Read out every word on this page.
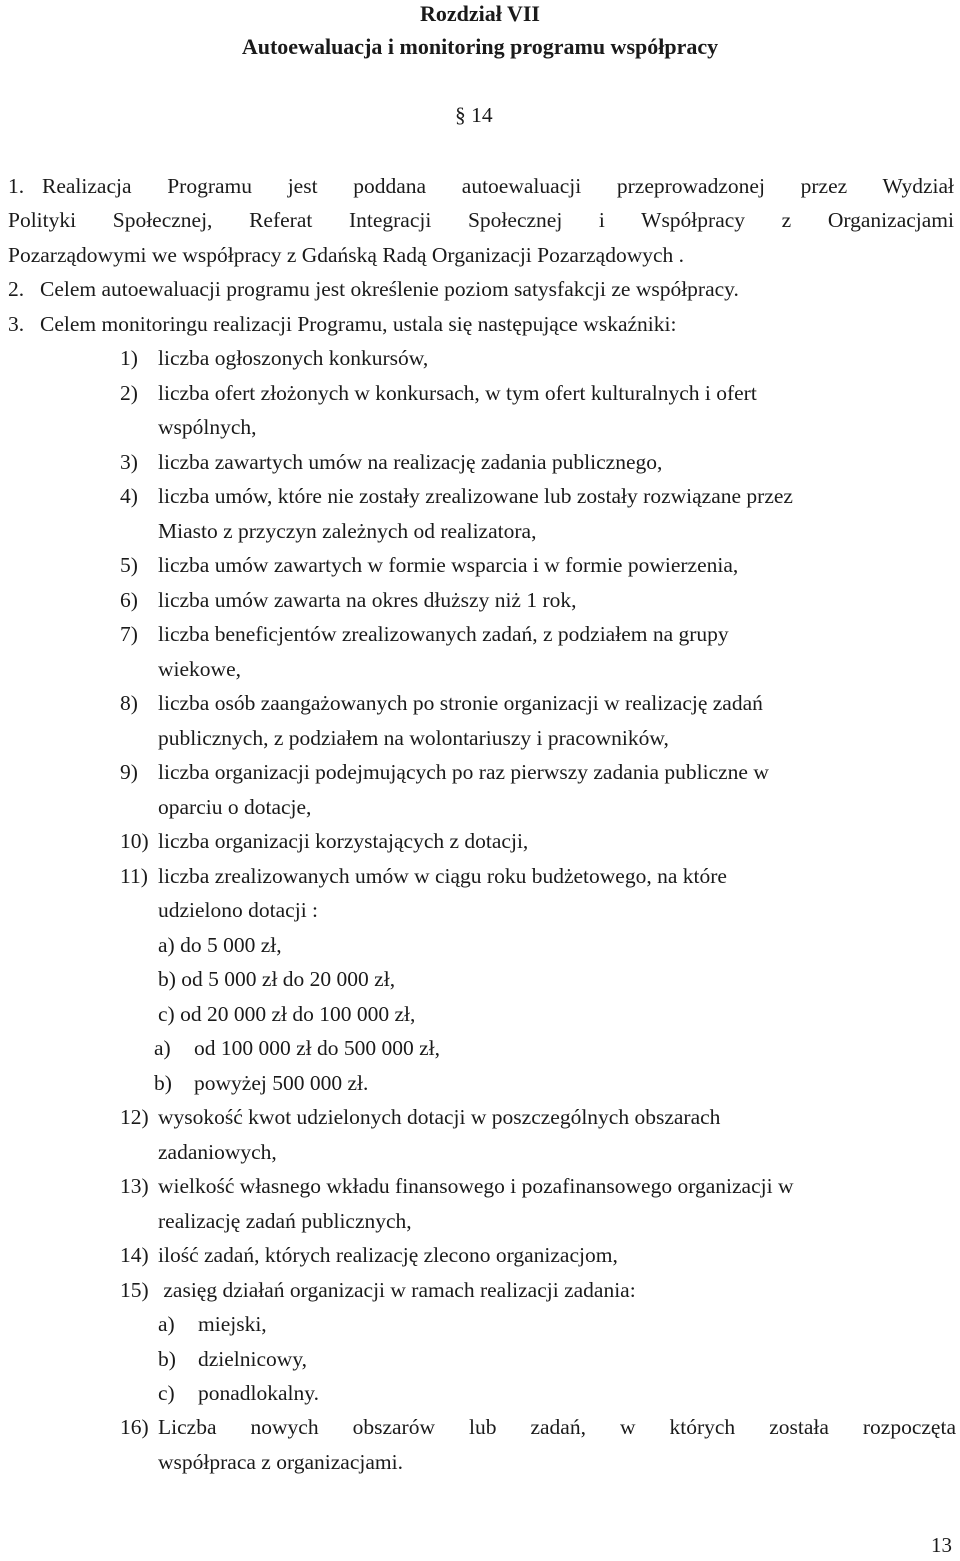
Rozdział VII
Autoewaluacja i monitoring programu współpracy
§ 14
1. Realizacja Programu jest poddana autoewaluacji przeprowadzonej przez Wydział
Polityki Społecznej, Referat Integracji Społecznej i Współpracy z Organizacjami
Pozarządowymi we współpracy z Gdańską Radą Organizacji Pozarządowych .
2. Celem autoewaluacji programu jest określenie poziom satysfakcji ze współpracy.
3. Celem monitoringu realizacji Programu, ustala się następujące wskaźniki:
1) liczba ogłoszonych konkursów,
2) liczba ofert złożonych w konkursach, w tym ofert kulturalnych i ofert
wspólnych,
3) liczba zawartych umów na realizację zadania publicznego,
4) liczba umów, które nie zostały zrealizowane lub zostały rozwiązane przez
Miasto z przyczyn zależnych od realizatora,
5) liczba umów zawartych w formie wsparcia i w formie powierzenia,
6) liczba umów zawarta na okres dłuższy niż 1 rok,
7) liczba beneficjentów zrealizowanych zadań, z podziałem na grupy
wiekowe,
8) liczba osób zaangażowanych po stronie organizacji w realizację zadań
publicznych, z podziałem na wolontariuszy i pracowników,
9) liczba organizacji podejmujących po raz pierwszy zadania publiczne w
oparciu o dotacje,
10) liczba organizacji korzystających z dotacji,
11) liczba zrealizowanych umów w ciągu roku budżetowego, na które
udzielono dotacji :
a) do 5 000 zł,
b) od 5 000 zł do 20 000 zł,
c) od 20 000 zł do 100 000 zł,
a) od 100 000 zł do 500 000 zł,
b) powyżej 500 000 zł.
12) wysokość kwot udzielonych dotacji w poszczególnych obszarach
zadaniowych,
13) wielkość własnego wkładu finansowego i pozafinansowego organizacji w
realizację zadań publicznych,
14) ilość zadań, których realizację zlecono organizacjom,
15) zasięg działań organizacji w ramach realizacji zadania:
a) miejski,
b) dzielnicowy,
c) ponadlokalny.
16) Liczba nowych obszarów lub zadań, w których została rozpoczęta
współpraca z organizacjami.
13
